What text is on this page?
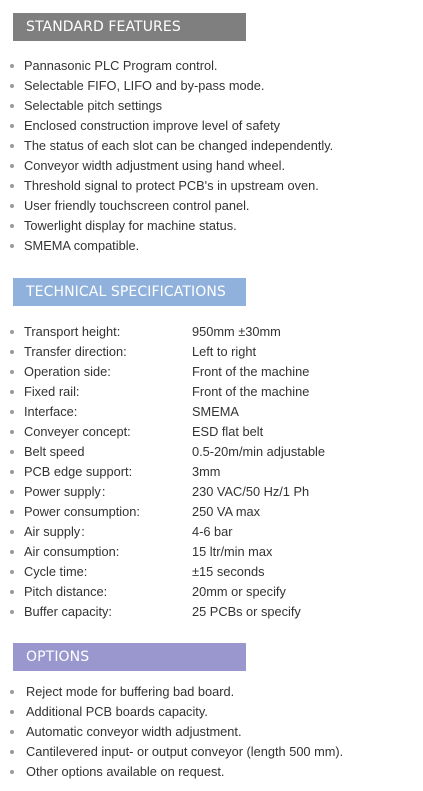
STANDARD FEATURES
Pannasonic PLC Program control.
Selectable FIFO, LIFO and by-pass mode.
Selectable pitch settings
Enclosed construction improve level of safety
The status of each slot can be changed independently.
Conveyor width adjustment using hand wheel.
Threshold signal to protect PCB's in upstream oven.
User friendly touchscreen control panel.
Towerlight display for machine status.
SMEMA compatible.
TECHNICAL SPECIFICATIONS
Transport height:	950mm ±30mm
Transfer direction:	Left to right
Operation side:	Front of the machine
Fixed rail:	Front of the machine
Interface:	SMEMA
Conveyer concept:	ESD flat belt
Belt speed	0.5-20m/min adjustable
PCB edge support:	3mm
Power supply :	230 VAC/50 Hz/1 Ph
Power consumption:	250 VA max
Air supply :	4-6 bar
Air consumption:	15 ltr/min max
Cycle time:	±15 seconds
Pitch distance:	20mm or specify
Buffer capacity:	25 PCBs or specify
OPTIONS
Reject mode for buffering bad board.
Additional PCB boards capacity.
Automatic conveyor width adjustment.
Cantilevered input- or output conveyor (length 500 mm).
Other options available on request.
